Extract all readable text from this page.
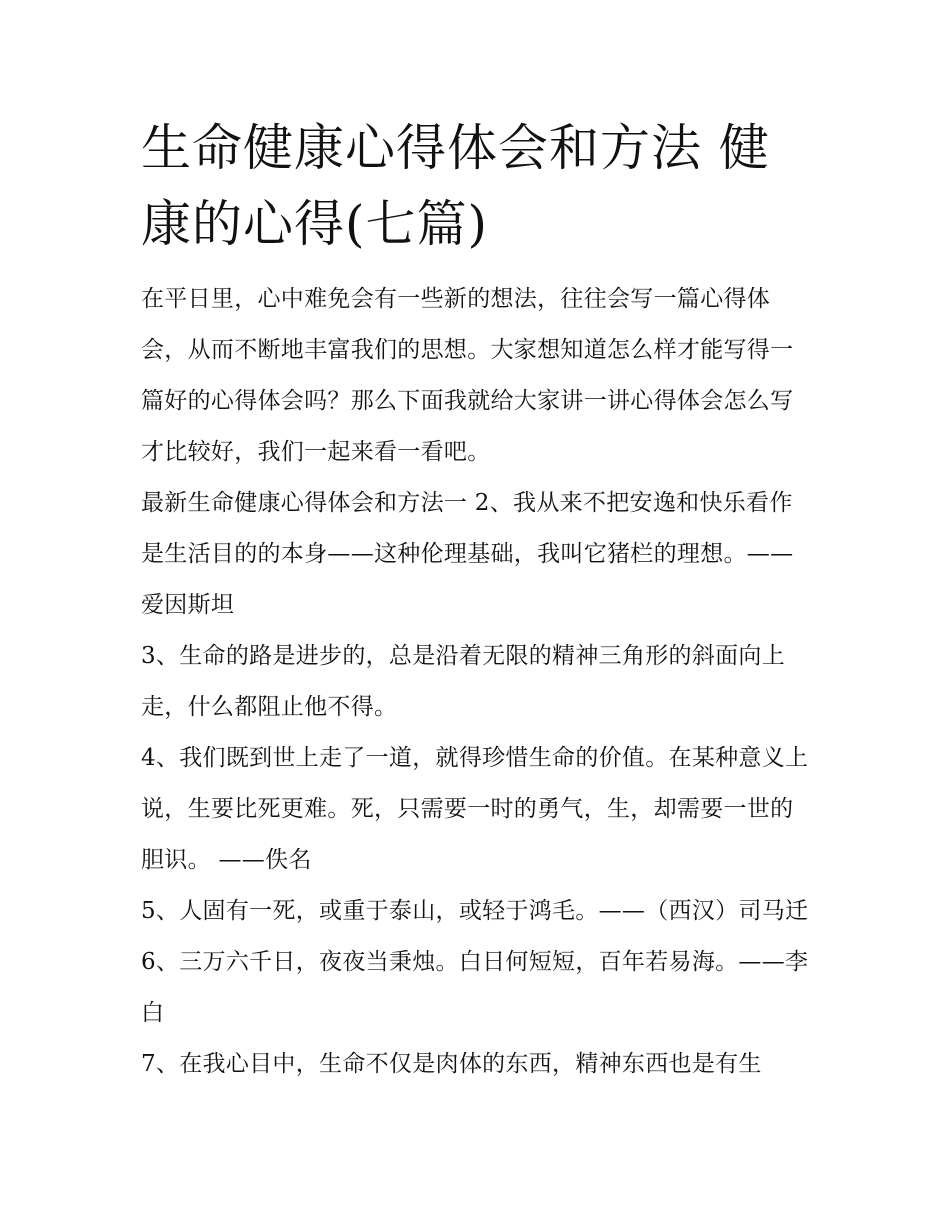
生命健康心得体会和方法 健康的心得(七篇)

在平日里，心中难免会有一些新的想法，往往会写一篇心得体会，从而不断地丰富我们的思想。大家想知道怎么样才能写得一篇好的心得体会吗？那么下面我就给大家讲一讲心得体会怎么写才比较好，我们一起来看一看吧。

最新生命健康心得体会和方法一 2、我从来不把安逸和快乐看作是生活目的的本身——这种伦理基础，我叫它猪栏的理想。——爱因斯坦

3、生命的路是进步的，总是沿着无限的精神三角形的斜面向上走，什么都阻止他不得。

4、我们既到世上走了一道，就得珍惜生命的价值。在某种意义上说，生要比死更难。死，只需要一时的勇气，生，却需要一世的胆识。 ——佚名

5、人固有一死，或重于泰山，或轻于鸿毛。——（西汉）司马迁 6、三万六千日，夜夜当秉烛。白日何短短，百年若易海。——李白

7、在我心目中，生命不仅是肉体的东西，精神东西也是有生
